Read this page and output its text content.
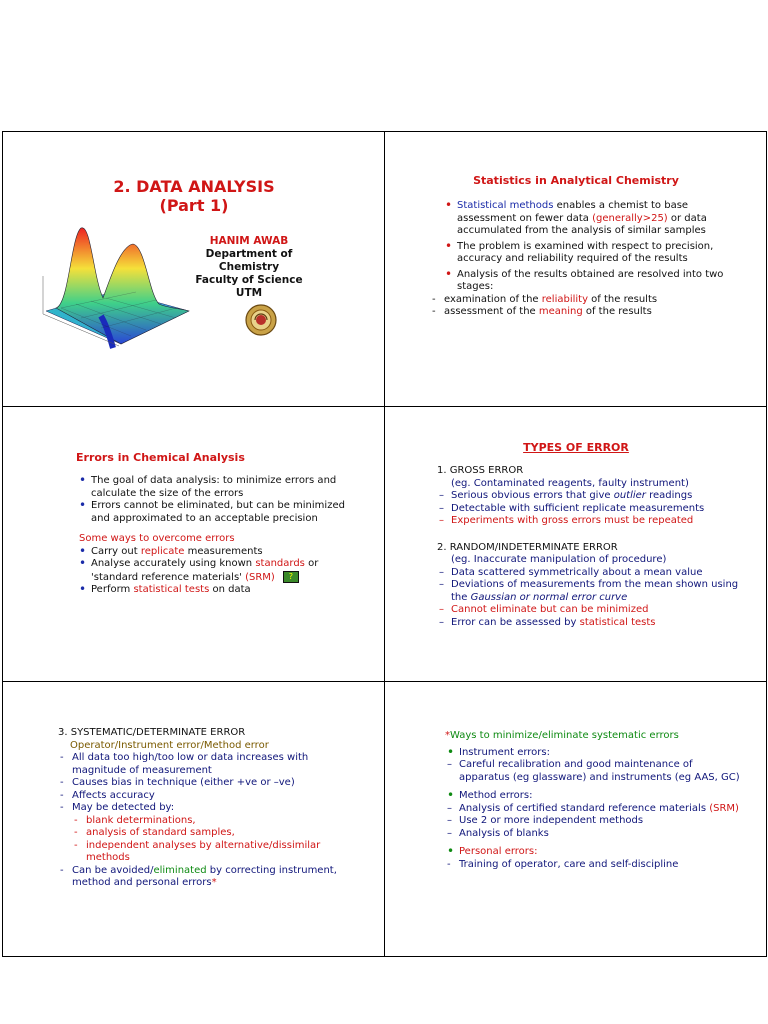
2. DATA ANALYSIS
(Part 1)
HANIM AWAB
Department of Chemistry
Faculty of Science
UTM
Statistics in Analytical Chemistry
• Statistical methods enables a chemist to base assessment on fewer data (generally>25) or data accumulated from the analysis of similar samples
• The problem is examined with respect to precision, accuracy and reliability required of the results
• Analysis of the results obtained are resolved into two stages:
- examination of the reliability of the results
- assessment of the meaning of the results
Errors in Chemical Analysis
• The goal of data analysis: to minimize errors and calculate the size of the errors
• Errors cannot be eliminated, but can be minimized and approximated to an acceptable precision
Some ways to overcome errors
• Carry out replicate measurements
• Analyse accurately using known standards or 'standard reference materials' (SRM) ?
• Perform statistical tests on data
TYPES OF ERROR
1. GROSS ERROR
(eg. Contaminated reagents, faulty instrument)
– Serious obvious errors that give outlier readings
– Detectable with sufficient replicate measurements
– Experiments with gross errors must be repeated
2. RANDOM/INDETERMINATE ERROR
(eg. Inaccurate manipulation of procedure)
– Data scattered symmetrically about a mean value
– Deviations of measurements from the mean shown using the Gaussian or normal error curve
– Cannot eliminate but can be minimized
– Error can be assessed by statistical tests
3. SYSTEMATIC/DETERMINATE ERROR
Operator/Instrument error/Method error
- All data too high/too low or data increases with magnitude of measurement
- Causes bias in technique (either +ve or –ve)
- Affects accuracy
- May be detected by:
- blank determinations,
- analysis of standard samples,
- independent analyses by alternative/dissimilar methods
- Can be avoided/eliminated by correcting instrument, method and personal errors*
*Ways to minimize/eliminate systematic errors
• Instrument errors:
– Careful recalibration and good maintenance of apparatus (eg glassware) and instruments (eg AAS, GC)
• Method errors:
– Analysis of certified standard reference materials (SRM)
– Use 2 or more independent methods
– Analysis of blanks
• Personal errors:
- Training of operator, care and self-discipline
